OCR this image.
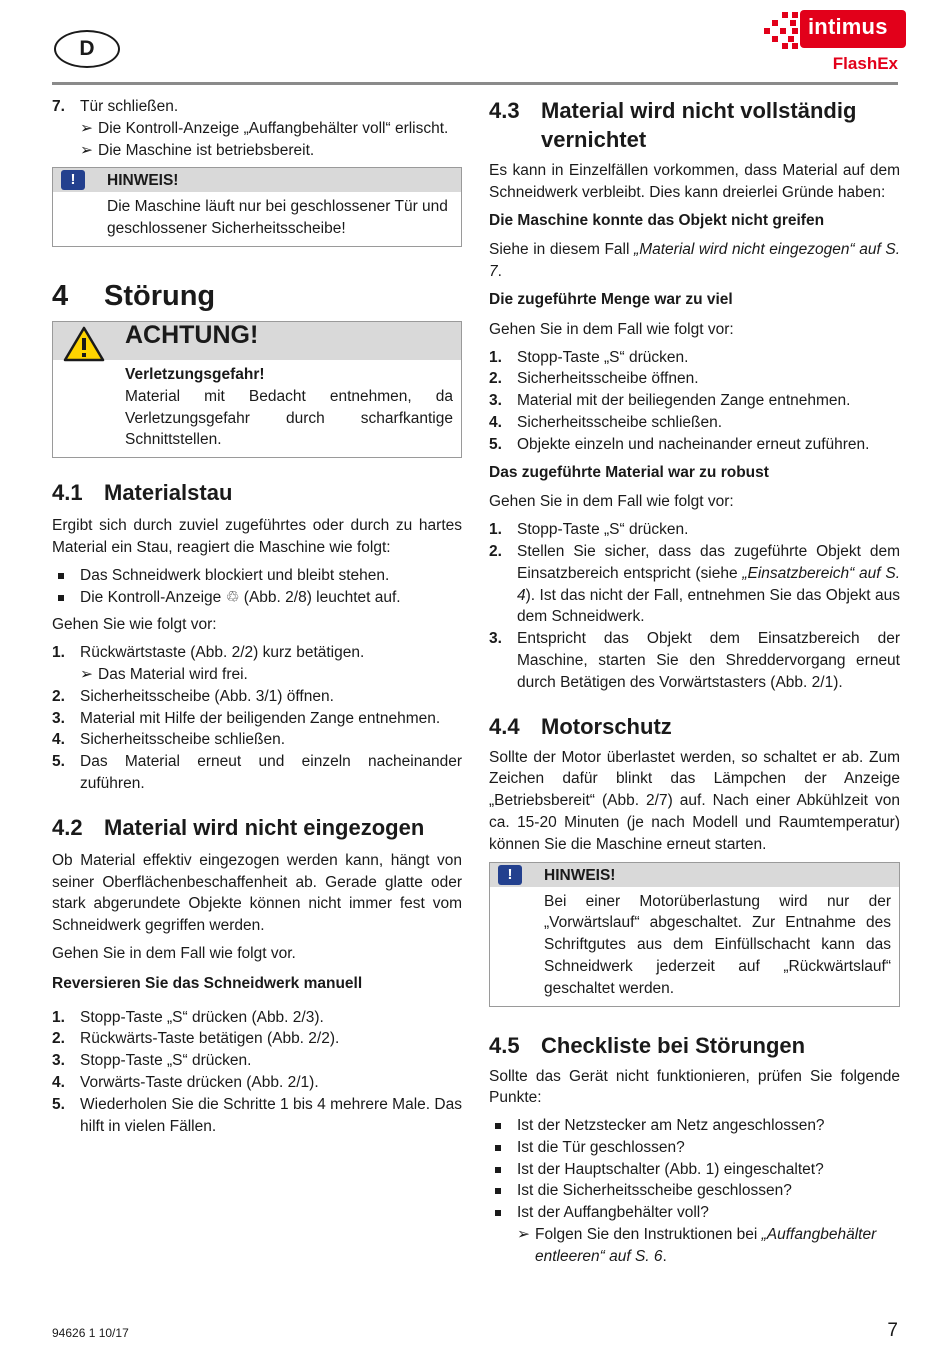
D
intimus
FlashEx
7. Tür schließen.
➢ Die Kontroll-Anzeige „Auffangbehälter voll“ erlischt.
➢ Die Maschine ist betriebsbereit.
!	HINWEIS!
Die Maschine läuft nur bei geschlossener Tür und geschlossener Sicherheitsscheibe!
4	Störung
ACHTUNG!
Verletzungsgefahr!
Material mit Bedacht entnehmen, da Verletzungsgefahr durch scharfkantige Schnittstellen.
4.1 Materialstau

Ergibt sich durch zuviel zugeführtes oder durch zu hartes Material ein Stau, reagiert die Maschine wie folgt:

Das Schneidwerk blockiert und bleibt stehen.
Die Kontroll-Anzeige ♲ (Abb. 2/8) leuchtet auf.

Gehen Sie wie folgt vor:

1. Rückwärtstaste (Abb. 2/2) kurz betätigen.
➢ Das Material wird frei.
2. Sicherheitsscheibe (Abb. 3/1) öffnen.
3. Material mit Hilfe der beiligenden Zange entnehmen.
4. Sicherheitsscheibe schließen.
5. Das Material erneut und einzeln nacheinander zuführen.
4.2 Material wird nicht eingezogen

Ob Material effektiv eingezogen werden kann, hängt von seiner Oberflächenbeschaffenheit ab. Gerade glatte oder stark abgerundete Objekte können nicht immer fest vom Schneidwerk gegriffen werden.

Gehen Sie in dem Fall wie folgt vor.

Reversieren Sie das Schneidwerk manuell
1. Stopp-Taste „S“ drücken (Abb. 2/3).
2. Rückwärts-Taste betätigen (Abb. 2/2).
3. Stopp-Taste „S“ drücken.
4. Vorwärts-Taste drücken (Abb. 2/1).
5. Wiederholen Sie die Schritte 1 bis 4 mehrere Male. Das hilft in vielen Fällen.
4.3 Material wird nicht vollständig vernichtet

Es kann in Einzelfällen vorkommen, dass Material auf dem Schneidwerk verbleibt. Dies kann dreierlei Gründe haben:

Die Maschine konnte das Objekt nicht greifen

Siehe in diesem Fall „Material wird nicht eingezogen“ auf S. 7.

Die zugeführte Menge war zu viel

Gehen Sie in dem Fall wie folgt vor:

1. Stopp-Taste „S“ drücken.
2. Sicherheitsscheibe öffnen.
3. Material mit der beiliegenden Zange entnehmen.
4. Sicherheitsscheibe schließen.
5. Objekte einzeln und nacheinander erneut zuführen.
Das zugeführte Material war zu robust

Gehen Sie in dem Fall wie folgt vor:

1. Stopp-Taste „S“ drücken.
2. Stellen Sie sicher, dass das zugeführte Objekt dem Einsatzbereich entspricht (siehe „Einsatzbereich“ auf S. 4). Ist das nicht der Fall, entnehmen Sie das Objekt aus dem Schneidwerk.
3. Entspricht das Objekt dem Einsatzbereich der Maschine, starten Sie den Shreddervorgang erneut durch Betätigen des Vorwärtstasters (Abb. 2/1).
4.4 Motorschutz

Sollte der Motor überlastet werden, so schaltet er ab. Zum Zeichen dafür blinkt das Lämpchen der Anzeige „Betriebsbereit“ (Abb. 2/7) auf. Nach einer Abkühlzeit von ca. 15-20 Minuten (je nach Modell und Raumtemperatur) können Sie die Maschine erneut starten.

!	HINWEIS!
Bei einer Motorüberlastung wird nur der „Vorwärtslauf“ abgeschaltet. Zur Entnahme des Schriftgutes aus dem Einfüllschacht kann das Schneidwerk jederzeit auf „Rückwärtslauf“ geschaltet werden.
4.5 Checkliste bei Störungen

Sollte das Gerät nicht funktionieren, prüfen Sie folgende Punkte:

Ist der Netzstecker am Netz angeschlossen?
Ist die Tür geschlossen?
Ist der Hauptschalter (Abb. 1) eingeschaltet?
Ist die Sicherheitsscheibe geschlossen?
Ist der Auffangbehälter voll?
➢ Folgen Sie den Instruktionen bei „Auffangbehälter entleeren“ auf S. 6.
94626 1 10/17	7
